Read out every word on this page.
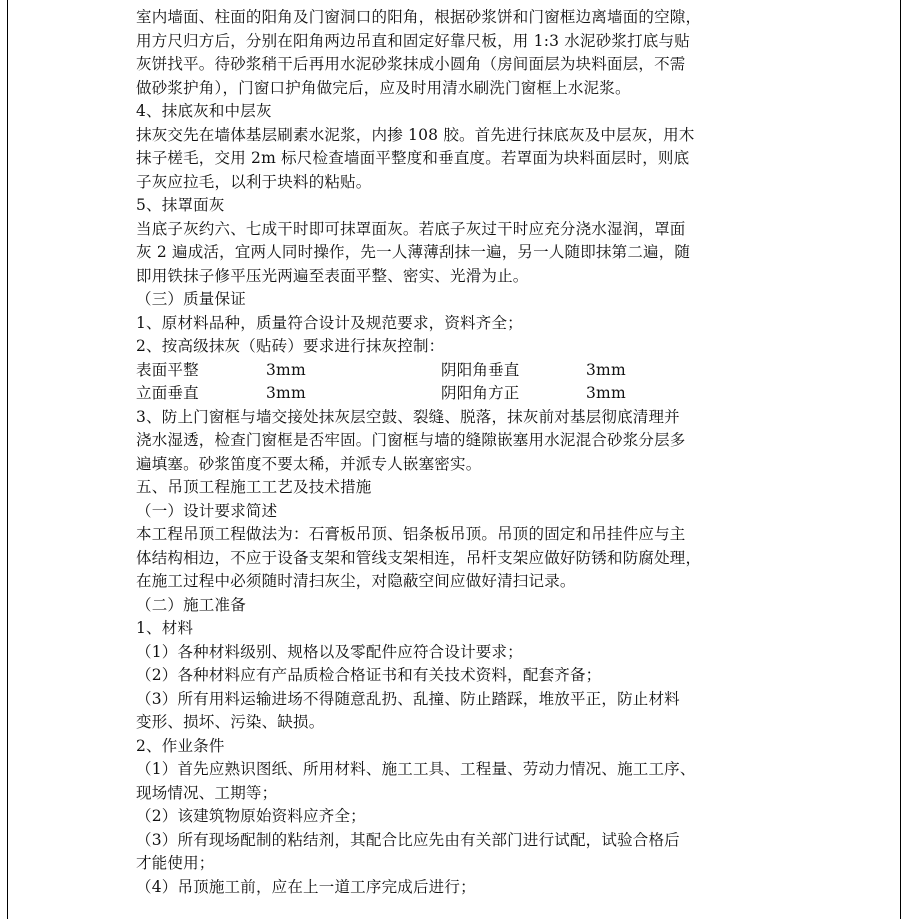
室内墙面、柱面的阳角及门窗洞口的阳角，根据砂浆饼和门窗框边离墙面的空隙，

用方尺归方后，分别在阳角两边吊直和固定好靠尺板，用 1:3 水泥砂浆打底与贴

灰饼找平。待砂浆稍干后再用水泥砂浆抹成小圆角（房间面层为块料面层，不需

做砂浆护角），门窗口护角做完后，应及时用清水刷洗门窗框上水泥浆。

4、抹底灰和中层灰

抹灰交先在墙体基层刷素水泥浆，内掺 108 胶。首先进行抹底灰及中层灰，用木

抹子槎毛，交用 2m 标尺检查墙面平整度和垂直度。若罩面为块料面层时，则底

子灰应拉毛，以利于块料的粘贴。

5、抹罩面灰

当底子灰约六、七成干时即可抹罩面灰。若底子灰过干时应充分浇水湿润，罩面

灰 2 遍成活，宜两人同时操作，先一人薄薄刮抹一遍，另一人随即抹第二遍，随

即用铁抹子修平压光两遍至表面平整、密实、光滑为止。

（三）质量保证

1、原材料品种，质量符合设计及规范要求，资料齐全；

2、按高级抹灰（贴砖）要求进行抹灰控制：

表面平整	3mm	阴阳角垂直	3mm
立面垂直	3mm	阴阳角方正	3mm

3、防上门窗框与墙交接处抹灰层空鼓、裂缝、脱落，抹灰前对基层彻底清理并

浇水湿透，检查门窗框是否牢固。门窗框与墙的缝隙嵌塞用水泥混合砂浆分层多

遍填塞。砂浆笛度不要太稀，并派专人嵌塞密实。

五、吊顶工程施工工艺及技术措施

（一）设计要求简述

本工程吊顶工程做法为：石膏板吊顶、铝条板吊顶。吊顶的固定和吊挂件应与主

体结构相边，不应于设备支架和管线支架相连，吊杆支架应做好防锈和防腐处理，

在施工过程中必须随时清扫灰尘，对隐蔽空间应做好清扫记录。

（二）施工准备

1、材料

（1）各种材料级别、规格以及零配件应符合设计要求；

（2）各种材料应有产品质检合格证书和有关技术资料，配套齐备；

（3）所有用料运输进场不得随意乱扔、乱撞、防止踏踩，堆放平正，防止材料

变形、损坏、污染、缺损。

2、作业条件

（1）首先应熟识图纸、所用材料、施工工具、工程量、劳动力情况、施工工序、

现场情况、工期等；

（2）该建筑物原始资料应齐全；

（3）所有现场配制的粘结剂，其配合比应先由有关部门进行试配，试验合格后

才能使用；

（4）吊顶施工前，应在上一道工序完成后进行；
